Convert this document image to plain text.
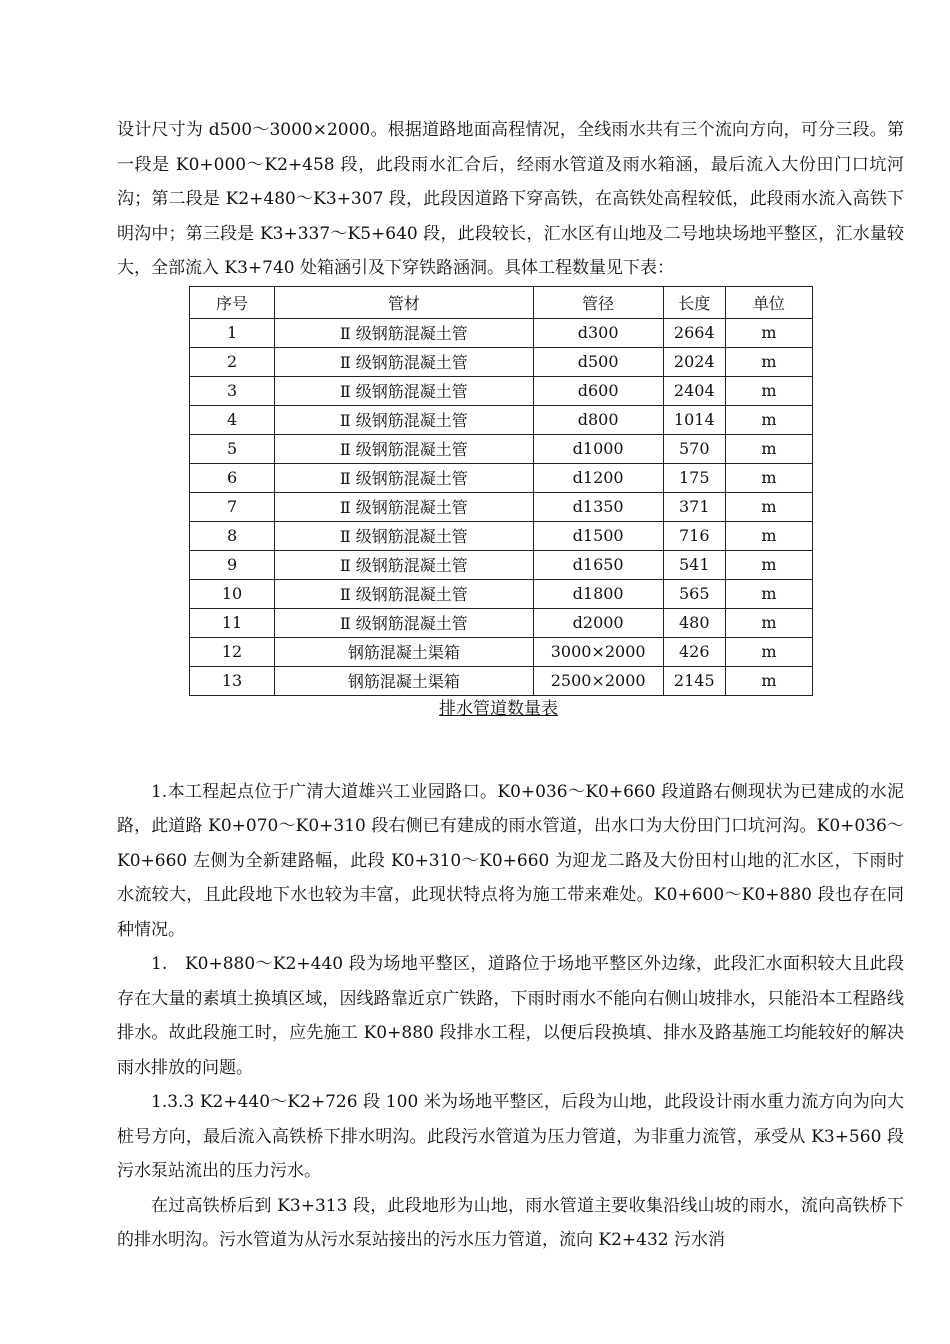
设计尺寸为 d500～3000×2000。根据道路地面高程情况，全线雨水共有三个流向方向，可分三段。第一段是 K0+000～K2+458 段，此段雨水汇合后，经雨水管道及雨水箱涵，最后流入大份田门口坑河沟；第二段是 K2+480～K3+307 段，此段因道路下穿高铁，在高铁处高程较低，此段雨水流入高铁下明沟中；第三段是 K3+337～K5+640 段，此段较长，汇水区有山地及二号地块场地平整区，汇水量较大，全部流入 K3+740 处箱涵引及下穿铁路涵洞。具体工程数量见下表：

序号	管材	管径	长度	单位
1	Ⅱ 级钢筋混凝土管	d300	2664	m
2	Ⅱ 级钢筋混凝土管	d500	2024	m
3	Ⅱ 级钢筋混凝土管	d600	2404	m
4	Ⅱ 级钢筋混凝土管	d800	1014	m
5	Ⅱ 级钢筋混凝土管	d1000	570	m
6	Ⅱ 级钢筋混凝土管	d1200	175	m
7	Ⅱ 级钢筋混凝土管	d1350	371	m
8	Ⅱ 级钢筋混凝土管	d1500	716	m
9	Ⅱ 级钢筋混凝土管	d1650	541	m
10	Ⅱ 级钢筋混凝土管	d1800	565	m
11	Ⅱ 级钢筋混凝土管	d2000	480	m
12	钢筋混凝土渠箱	3000×2000	426	m
13	钢筋混凝土渠箱	2500×2000	2145	m
排水管道数量表

1.本工程起点位于广清大道雄兴工业园路口。K0+036～K0+660 段道路右侧现状为已建成的水泥路，此道路 K0+070～K0+310 段右侧已有建成的雨水管道，出水口为大份田门口坑河沟。K0+036～K0+660 左侧为全新建路幅，此段 K0+310～K0+660 为迎龙二路及大份田村山地的汇水区，下雨时水流较大，且此段地下水也较为丰富，此现状特点将为施工带来难处。K0+600～K0+880 段也存在同种情况。

1.　K0+880～K2+440 段为场地平整区，道路位于场地平整区外边缘，此段汇水面积较大且此段存在大量的素填土换填区域，因线路靠近京广铁路，下雨时雨水不能向右侧山坡排水，只能沿本工程路线排水。故此段施工时，应先施工 K0+880 段排水工程，以便后段换填、排水及路基施工均能较好的解决雨水排放的问题。

1.3.3 K2+440～K2+726 段 100 米为场地平整区，后段为山地，此段设计雨水重力流方向为向大桩号方向，最后流入高铁桥下排水明沟。此段污水管道为压力管道，为非重力流管，承受从 K3+560 段污水泵站流出的压力污水。

在过高铁桥后到 K3+313 段，此段地形为山地，雨水管道主要收集沿线山坡的雨水，流向高铁桥下的排水明沟。污水管道为从污水泵站接出的污水压力管道，流向 K2+432 污水消
